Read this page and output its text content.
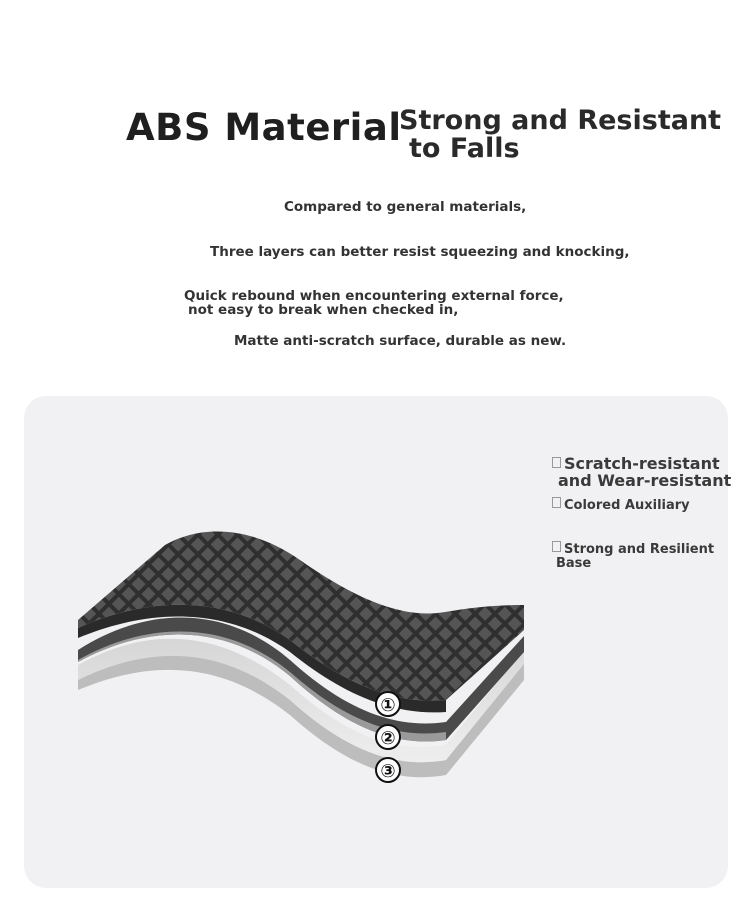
ABS Material
Strong and Resistant
to Falls
Compared to general materials,
Three layers can better resist squeezing and knocking,
Quick rebound when encountering external force,
not easy to break when checked in,
Matte anti-scratch surface, durable as new.
①
②
③
Scratch-resistant
and Wear-resistant
Colored Auxiliary
Strong and Resilient
Base
